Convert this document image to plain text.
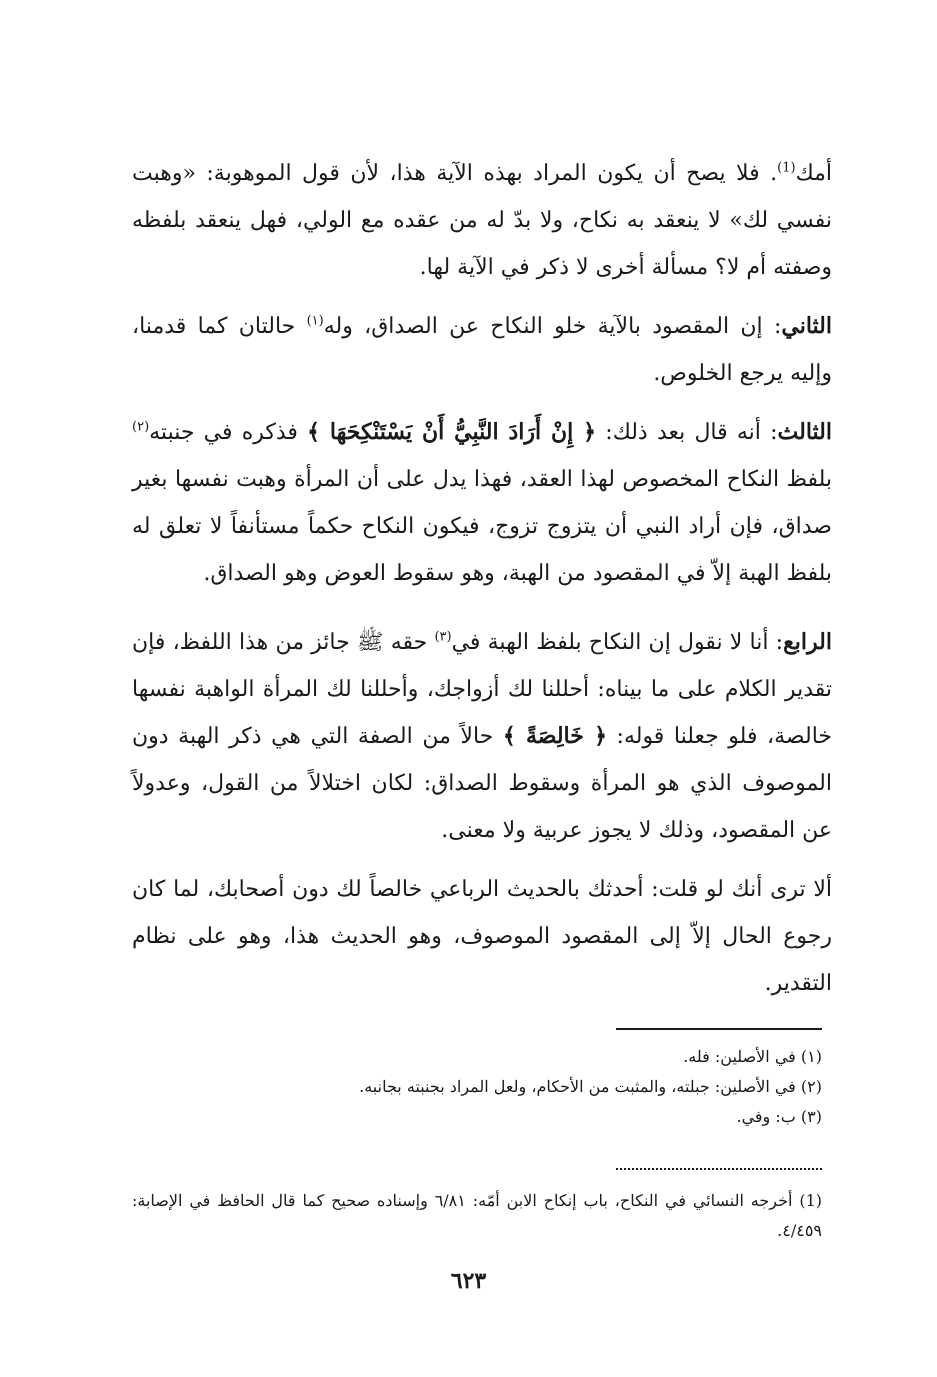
أمك$^{(1)}$. فلا يصح أن يكون المراد بهذه الآية هذا، لأن قول الموهوبة: «وهبت نفسي لك» لا ينعقد به نكاح، ولا بدّ له من عقده مع الولي، فهل ينعقد بلفظه وصفته أم لا؟ مسألة أخرى لا ذكر في الآية لها.

الثاني: إن المقصود بالآية خلو النكاح عن الصداق، وله$^{(١)}$ حالتان كما قدمنا، وإليه يرجع الخلوص.

الثالث: أنه قال بعد ذلك: ﴿ إِنْ أَرَادَ النَّبِيُّ أَنْ يَسْتَنْكِحَهَا ﴾ فذكره في جنبته$^{(٢)}$ بلفظ النكاح المخصوص لهذا العقد، فهذا يدل على أن المرأة وهبت نفسها بغير صداق، فإن أراد النبي أن يتزوج تزوج، فيكون النكاح حكماً مستأنفاً لا تعلق له بلفظ الهبة إلاّ في المقصود من الهبة، وهو سقوط العوض وهو الصداق.

الرابع: أنا لا نقول إن النكاح بلفظ الهبة في$^{(٣)}$ حقه ﷺ جائز من هذا اللفظ، فإن تقدير الكلام على ما بيناه: أحللنا لك أزواجك، وأحللنا لك المرأة الواهبة نفسها خالصة، فلو جعلنا قوله: ﴿ خَالِصَةً ﴾ حالاً من الصفة التي هي ذكر الهبة دون الموصوف الذي هو المرأة وسقوط الصداق: لكان اختلالاً من القول، وعدولاً عن المقصود، وذلك لا يجوز عربية ولا معنى.

ألا ترى أنك لو قلت: أحدثك بالحديث الرباعي خالصاً لك دون أصحابك، لما كان رجوع الحال إلاّ إلى المقصود الموصوف، وهو الحديث هذا، وهو على نظام التقدير.

(١) في الأصلين: فله.
(٢) في الأصلين: جبلته، والمثبت من الأحكام، ولعل المراد بجنبته بجانبه.
(٣) ب: وفي.
(1) أخرجه النسائي في النكاح، باب إنكاح الابن أمّه: ٦/٨١ وإسناده صحيح كما قال الحافظ في الإصابة: ٤/٤٥٩.
٦٢٣
